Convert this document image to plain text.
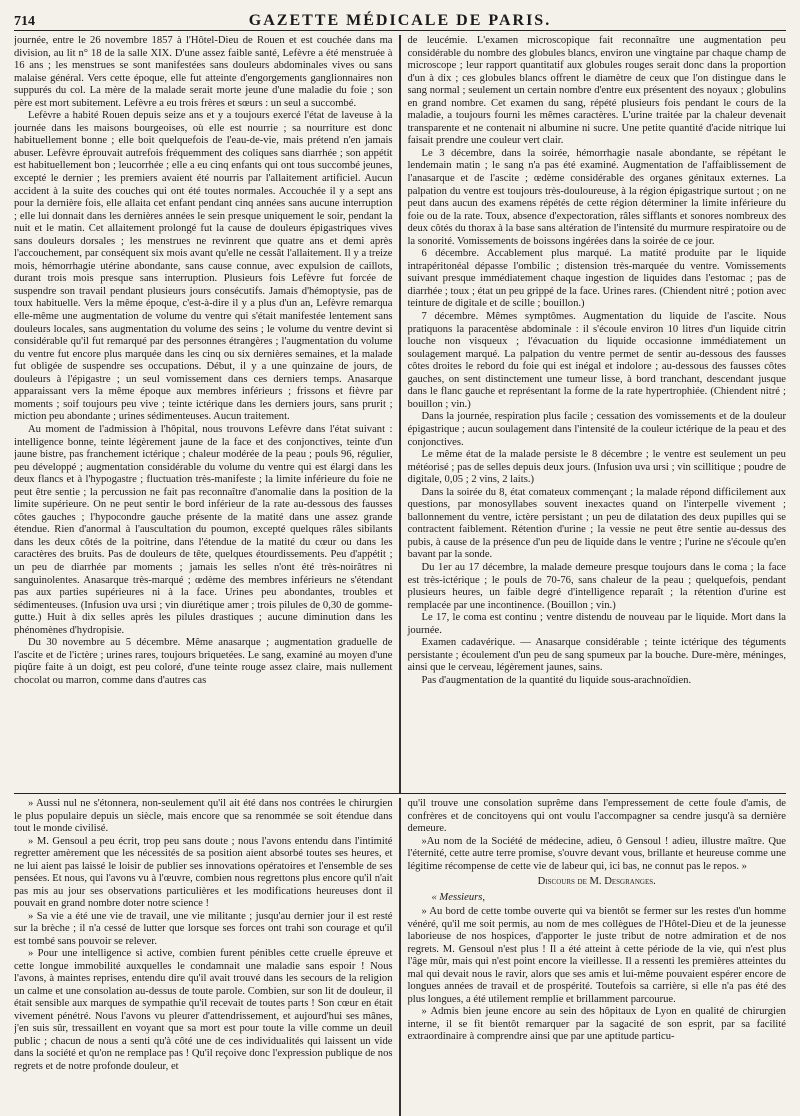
714	GAZETTE MÉDICALE DE PARIS.

journée, entre le 26 novembre 1857 à l'Hôtel-Dieu de Rouen et est couchée dans ma division, au lit n° 18 de la salle XIX. D'une assez faible santé, Lefèvre a été menstruée à 16 ans ; les menstrues se sont manifestées sans douleurs abdominales vives ou sans malaise général. Vers cette époque, elle fut atteinte d'engorgements ganglionnaires non suppurés du col. La mère de la malade serait morte jeune d'une maladie du foie ; son père est mort subitement. Lefèvre a eu trois frères et sœurs : un seul a succombé.

Lefèvre a habité Rouen depuis seize ans et y a toujours exercé l'état de laveuse à la journée dans les maisons bourgeoises, où elle est nourrie ; sa nourriture est donc habituellement bonne ; elle boit quelquefois de l'eau-de-vie, mais prétend n'en jamais abuser. Lefèvre éprouvait autrefois fréquemment des coliques sans diarrhée ; son appétit est habituellement bon ; leucorrhée ; elle a eu cinq enfants qui ont tous succombé jeunes, excepté le dernier ; les premiers avaient été nourris par l'allaitement artificiel. Aucun accident à la suite des couches qui ont été toutes normales. Accouchée il y a sept ans pour la dernière fois, elle allaita cet enfant pendant cinq années sans aucune interruption ; elle lui donnait dans les dernières années le sein presque uniquement le soir, pendant la nuit et le matin. Cet allaitement prolongé fut la cause de douleurs épigastriques vives sans douleurs dorsales ; les menstrues ne revinrent que quatre ans et demi après l'accouchement, par conséquent six mois avant qu'elle ne cessât l'allaitement. Il y a treize mois, hémorrhagie utérine abondante, sans cause connue, avec expulsion de caillots, durant trois mois presque sans interruption. Plusieurs fois Lefèvre fut forcée de suspendre son travail pendant plusieurs jours consécutifs. Jamais d'hémoptysie, pas de toux habituelle. Vers la même époque, c'est-à-dire il y a plus d'un an, Lefèvre remarqua elle-même une augmentation de volume du ventre qui s'était manifestée lentement sans douleurs locales, sans augmentation du volume des seins ; le volume du ventre devint si considérable qu'il fut remarqué par des personnes étrangères ; l'augmentation du volume du ventre fut encore plus marquée dans les cinq ou six dernières semaines, et la malade fut obligée de suspendre ses occupations. Début, il y a une quinzaine de jours, de douleurs à l'épigastre ; un seul vomissement dans ces derniers temps. Anasarque apparaissant vers la même époque aux membres inférieurs ; frissons et fièvre par moments ; soif toujours peu vive ; teinte ictérique dans les derniers jours, sans prurit ; miction peu abondante ; urines sédimenteuses. Aucun traitement.

Au moment de l'admission à l'hôpital, nous trouvons Lefèvre dans l'état suivant : intelligence bonne, teinte légèrement jaune de la face et des conjonctives, teinte d'un jaune bistre, pas franchement ictérique ; chaleur modérée de la peau ; pouls 96, régulier, peu développé ; augmentation considérable du volume du ventre qui est élargi dans les deux flancs et à l'hypogastre ; fluctuation très-manifeste ; la limite inférieure du foie ne peut être sentie ; la percussion ne fait pas reconnaître d'anomalie dans la position de la limite supérieure. On ne peut sentir le bord inférieur de la rate au-dessous des fausses côtes gauches ; l'hypocondre gauche présente de la matité dans une assez grande étendue. Rien d'anormal à l'auscultation du poumon, excepté quelques râles sibilants dans les deux côtés de la poitrine, dans l'étendue de la matité du cœur ou dans les caractères des bruits. Pas de douleurs de tête, quelques étourdissements. Peu d'appétit ; un peu de diarrhée par moments ; jamais les selles n'ont été très-noirâtres ni sanguinolentes. Anasarque très-marqué ; œdème des membres inférieurs ne s'étendant pas aux parties supérieures ni à la face. Urines peu abondantes, troubles et sédimenteuses. (Infusion uva ursi ; vin diurétique amer ; trois pilules de 0,30 de gomme-gutte.) Huit à dix selles après les pilules drastiques ; aucune diminution dans les phénomènes d'hydropisie.

Du 30 novembre au 5 décembre. Même anasarque ; augmentation graduelle de l'ascite et de l'ictère ; urines rares, toujours briquetées. Le sang, examiné au moyen d'une piqûre faite à un doigt, est peu coloré, d'une teinte rouge assez claire, mais nullement chocolat ou marron, comme dans d'autres cas

de leucémie. L'examen microscopique fait reconnaître une augmentation peu considérable du nombre des globules blancs, environ une vingtaine par chaque champ de microscope ; leur rapport quantitatif aux globules rouges serait donc dans la proportion d'un à dix ; ces globules blancs offrent le diamètre de ceux que l'on distingue dans le sang normal ; seulement un certain nombre d'entre eux présentent des noyaux ; globulins en grand nombre. Cet examen du sang, répété plusieurs fois pendant le cours de la maladie, a toujours fourni les mêmes caractères. L'urine traitée par la chaleur devenait transparente et ne contenait ni albumine ni sucre. Une petite quantité d'acide nitrique lui faisait prendre une couleur vert clair.

Le 3 décembre, dans la soirée, hémorrhagie nasale abondante, se répétant le lendemain matin ; le sang n'a pas été examiné. Augmentation de l'affaiblissement de l'anasarque et de l'ascite ; œdème considérable des organes génitaux externes. La palpation du ventre est toujours très-douloureuse, à la région épigastrique surtout ; on ne peut dans aucun des examens répétés de cette région déterminer la limite inférieure du foie ou de la rate. Toux, absence d'expectoration, râles sifflants et sonores nombreux des deux côtés du thorax à la base sans altération de l'intensité du murmure respiratoire ou de la sonorité. Vomissements de boissons ingérées dans la soirée de ce jour.

6 décembre. Accablement plus marqué. La matité produite par le liquide intrapéritonéal dépasse l'ombilic ; distension très-marquée du ventre. Vomissements suivant presque immédiatement chaque ingestion de liquides dans l'estomac ; pas de diarrhée ; toux ; état un peu grippé de la face. Urines rares. (Chiendent nitré ; potion avec teinture de digitale et de scille ; bouillon.)

7 décembre. Mêmes symptômes. Augmentation du liquide de l'ascite. Nous pratiquons la paracentèse abdominale : il s'écoule environ 10 litres d'un liquide citrin louche non visqueux ; l'évacuation du liquide occasionne immédiatement un soulagement marqué. La palpation du ventre permet de sentir au-dessous des fausses côtes droites le rebord du foie qui est inégal et indolore ; au-dessous des fausses côtes gauches, on sent distinctement une tumeur lisse, à bord tranchant, descendant jusque dans le flanc gauche et représentant la forme de la rate hypertrophiée. (Chiendent nitré ; bouillon ; vin.)

Dans la journée, respiration plus facile ; cessation des vomissements et de la douleur épigastrique ; aucun soulagement dans l'intensité de la couleur ictérique de la peau et des conjonctives.

Le même état de la malade persiste le 8 décembre ; le ventre est seulement un peu météorisé ; pas de selles depuis deux jours. (Infusion uva ursi ; vin scillitique ; poudre de digitale, 0,05 ; 2 vins, 2 laits.)

Dans la soirée du 8, état comateux commençant ; la malade répond difficilement aux questions, par monosyllabes souvent inexactes quand on l'interpelle vivement ; ballonnement du ventre, ictère persistant ; un peu de dilatation des deux pupilles qui se contractent faiblement. Rétention d'urine ; la vessie ne peut être sentie au-dessus des pubis, à cause de la présence d'un peu de liquide dans le ventre ; l'urine ne s'écoule qu'en bavant par la sonde.

Du 1er au 17 décembre, la malade demeure presque toujours dans le coma ; la face est très-ictérique ; le pouls de 70-76, sans chaleur de la peau ; quelquefois, pendant plusieurs heures, un faible degré d'intelligence reparaît ; la rétention d'urine est remplacée par une incontinence. (Bouillon ; vin.)

Le 17, le coma est continu ; ventre distendu de nouveau par le liquide. Mort dans la journée.

Examen cadavérique. — Anasarque considérable ; teinte ictérique des téguments persistante ; écoulement d'un peu de sang spumeux par la bouche. Dure-mère, méninges, ainsi que le cerveau, légèrement jaunes, sains.

Pas d'augmentation de la quantité du liquide sous-arachnoïdien.

» Aussi nul ne s'étonnera, non-seulement qu'il ait été dans nos contrées le chirurgien le plus populaire depuis un siècle, mais encore que sa renommée se soit étendue dans tout le monde civilisé.

» M. Gensoul a peu écrit, trop peu sans doute ; nous l'avons entendu dans l'intimité regretter amèrement que les nécessités de sa position aient absorbé toutes ses heures, et ne lui aient pas laissé le loisir de publier ses innovations opératoires et l'ensemble de ses pensées. Et nous, qui l'avons vu à l'œuvre, combien nous regrettons plus encore qu'il n'ait pas mis au jour ses observations particulières et les modifications heureuses dont il pouvait en grand nombre doter notre science !

» Sa vie a été une vie de travail, une vie militante ; jusqu'au dernier jour il est resté sur la brèche ; il n'a cessé de lutter que lorsque ses forces ont trahi son courage et qu'il est tombé sans pouvoir se relever.

» Pour une intelligence si active, combien furent pénibles cette cruelle épreuve et cette longue immobilité auxquelles le condamnait une maladie sans espoir ! Nous l'avons, à maintes reprises, entendu dire qu'il avait trouvé dans les secours de la religion un calme et une consolation au-dessus de toute parole. Combien, sur son lit de douleur, il était sensible aux marques de sympathie qu'il recevait de toutes parts ! Son cœur en était vivement pénétré. Nous l'avons vu pleurer d'attendrissement, et aujourd'hui ses mânes, j'en suis sûr, tressaillent en voyant que sa mort est pour toute la ville comme un deuil public ; chacun de nous a senti qu'à côté une de ces individualités qui laissent un vide dans la société et qu'on ne remplace pas ! Qu'il reçoive donc l'expression publique de nos regrets et de notre profonde douleur, et

qu'il trouve une consolation suprême dans l'empressement de cette foule d'amis, de confrères et de concitoyens qui ont voulu l'accompagner sa cendre jusqu'à sa dernière demeure.

»Au nom de la Société de médecine, adieu, ô Gensoul ! adieu, illustre maître. Que l'éternité, cette autre terre promise, s'ouvre devant vous, brillante et heureuse comme une légitime récompense de cette vie de labeur qui, ici bas, ne connut pas le repos. »

Discours de M. Desgranges.

« Messieurs,

» Au bord de cette tombe ouverte qui va bientôt se fermer sur les restes d'un homme vénéré, qu'il me soit permis, au nom de mes collègues de l'Hôtel-Dieu et de la jeunesse laborieuse de nos hospices, d'apporter le juste tribut de notre admiration et de nos regrets. M. Gensoul n'est plus ! Il a été atteint à cette période de la vie, qui n'est plus l'âge mûr, mais qui n'est point encore la vieillesse. Il a ressenti les premières atteintes du mal qui devait nous le ravir, alors que ses amis et lui-même pouvaient espérer encore de longues années de travail et de prospérité. Toutefois sa carrière, si elle n'a pas été des plus longues, a été utilement remplie et brillamment parcourue.

» Admis bien jeune encore au sein des hôpitaux de Lyon en qualité de chirurgien interne, il se fit bientôt remarquer par la sagacité de son esprit, par sa facilité extraordinaire à comprendre ainsi que par une aptitude particu-
